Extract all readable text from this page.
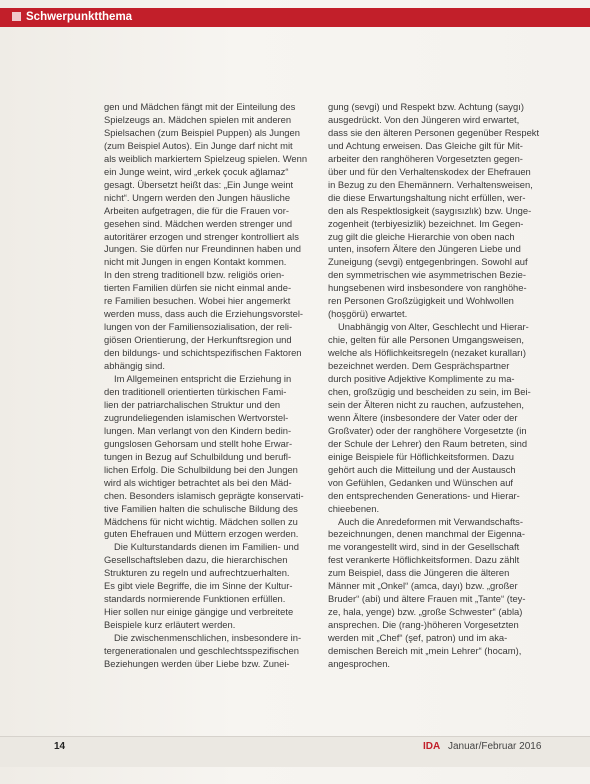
Schwerpunktthema
gen und Mädchen fängt mit der Einteilung des
Spielzeugs an. Mädchen spielen mit anderen
Spielsachen (zum Beispiel Puppen) als Jungen
(zum Beispiel Autos). Ein Junge darf nicht mit
als weiblich markiertem Spielzeug spielen. Wenn
ein Junge weint, wird „erkek çocuk ağlamaz“
gesagt. Übersetzt heißt das: „Ein Junge weint
nicht“. Ungern werden den Jungen häusliche
Arbeiten aufgetragen, die für die Frauen vor-
gesehen sind. Mädchen werden strenger und
autoritärer erzogen und strenger kontrolliert als
Jungen. Sie dürfen nur Freundinnen haben und
nicht mit Jungen in engen Kontakt kommen.
In den streng traditionell bzw. religiös orien-
tierten Familien dürfen sie nicht einmal ande-
re Familien besuchen. Wobei hier angemerkt
werden muss, dass auch die Erziehungsvorstel-
lungen von der Familiensozialisation, der reli-
giösen Orientierung, der Herkunftsregion und
den bildungs- und schichtspezifischen Faktoren
abhängig sind.
Im Allgemeinen entspricht die Erziehung in
den traditionell orientierten türkischen Fami-
lien der patriarchalischen Struktur und den
zugrundeliegenden islamischen Wertvorstel-
lungen. Man verlangt von den Kindern bedin-
gungslosen Gehorsam und stellt hohe Erwar-
tungen in Bezug auf Schulbildung und berufl-
lichen Erfolg. Die Schulbildung bei den Jungen
wird als wichtiger betrachtet als bei den Mäd-
chen. Besonders islamisch geprägte konservati-
tive Familien halten die schulische Bildung des
Mädchens für nicht wichtig. Mädchen sollen zu
guten Ehefrauen und Müttern erzogen werden.
Die Kulturstandards dienen im Familien- und
Gesellschaftsleben dazu, die hierarchischen
Strukturen zu regeln und aufrechtzuerhalten.
Es gibt viele Begriffe, die im Sinne der Kultur-
standards normierende Funktionen erfüllen.
Hier sollen nur einige gängige und verbreitete
Beispiele kurz erläutert werden.
Die zwischenmenschlichen, insbesondere in-
tergenerationalen und geschlechtsspezifischen
Beziehungen werden über Liebe bzw. Zunei-
gung (sevgi) und Respekt bzw. Achtung (saygı)
ausgedrückt. Von den Jüngeren wird erwartet,
dass sie den älteren Personen gegenüber Respekt
und Achtung erweisen. Das Gleiche gilt für Mit-
arbeiter den ranghöheren Vorgesetzten gegen-
über und für den Verhaltenskodex der Ehefrauen
in Bezug zu den Ehemännern. Verhaltensweisen,
die diese Erwartungshaltung nicht erfüllen, wer-
den als Respektlosigkeit (saygısızlık) bzw. Unge-
zogenheit (terbiyesizlik) bezeichnet. Im Gegen-
zug gilt die gleiche Hierarchie von oben nach
unten, insofern Ältere den Jüngeren Liebe und
Zuneigung (sevgi) entgegenbringen. Sowohl auf
den symmetrischen wie asymmetrischen Bezie-
hungsebenen wird insbesondere von ranghöhe-
ren Personen Großzügigkeit und Wohlwollen
(hoşgörü) erwartet.
Unabhängig von Alter, Geschlecht und Hierar-
chie, gelten für alle Personen Umgangsweisen,
welche als Höflichkeitsregeln (nezaket kuralları)
bezeichnet werden. Dem Gesprächspartner
durch positive Adjektive Komplimente zu ma-
chen, großzügig und bescheiden zu sein, im Bei-
sein der Älteren nicht zu rauchen, aufzustehen,
wenn Ältere (insbesondere der Vater oder der
Großvater) oder der ranghöhere Vorgesetzte (in
der Schule der Lehrer) den Raum betreten, sind
einige Beispiele für Höflichkeitsformen. Dazu
gehört auch die Mitteilung und der Austausch
von Gefühlen, Gedanken und Wünschen auf
den entsprechenden Generations- und Hierar-
chieebenen.
Auch die Anredeformen mit Verwandschafts-
bezeichnungen, denen manchmal der Eigenna-
me vorangestellt wird, sind in der Gesellschaft
fest verankerte Höflichkeitsformen. Dazu zählt
zum Beispiel, dass die Jüngeren die älteren
Männer mit „Onkel“ (amca, dayı) bzw. „großer
Bruder“ (abi) und ältere Frauen mit „Tante“ (tey-
ze, hala, yenge) bzw. „große Schwester“ (abla)
ansprechen. Die (rang-)höheren Vorgesetzten
werden mit „Chef“ (şef, patron) und im aka-
demischen Bereich mit „mein Lehrer“ (hocam),
angesprochen.
14	IDA Januar/Februar 2016
